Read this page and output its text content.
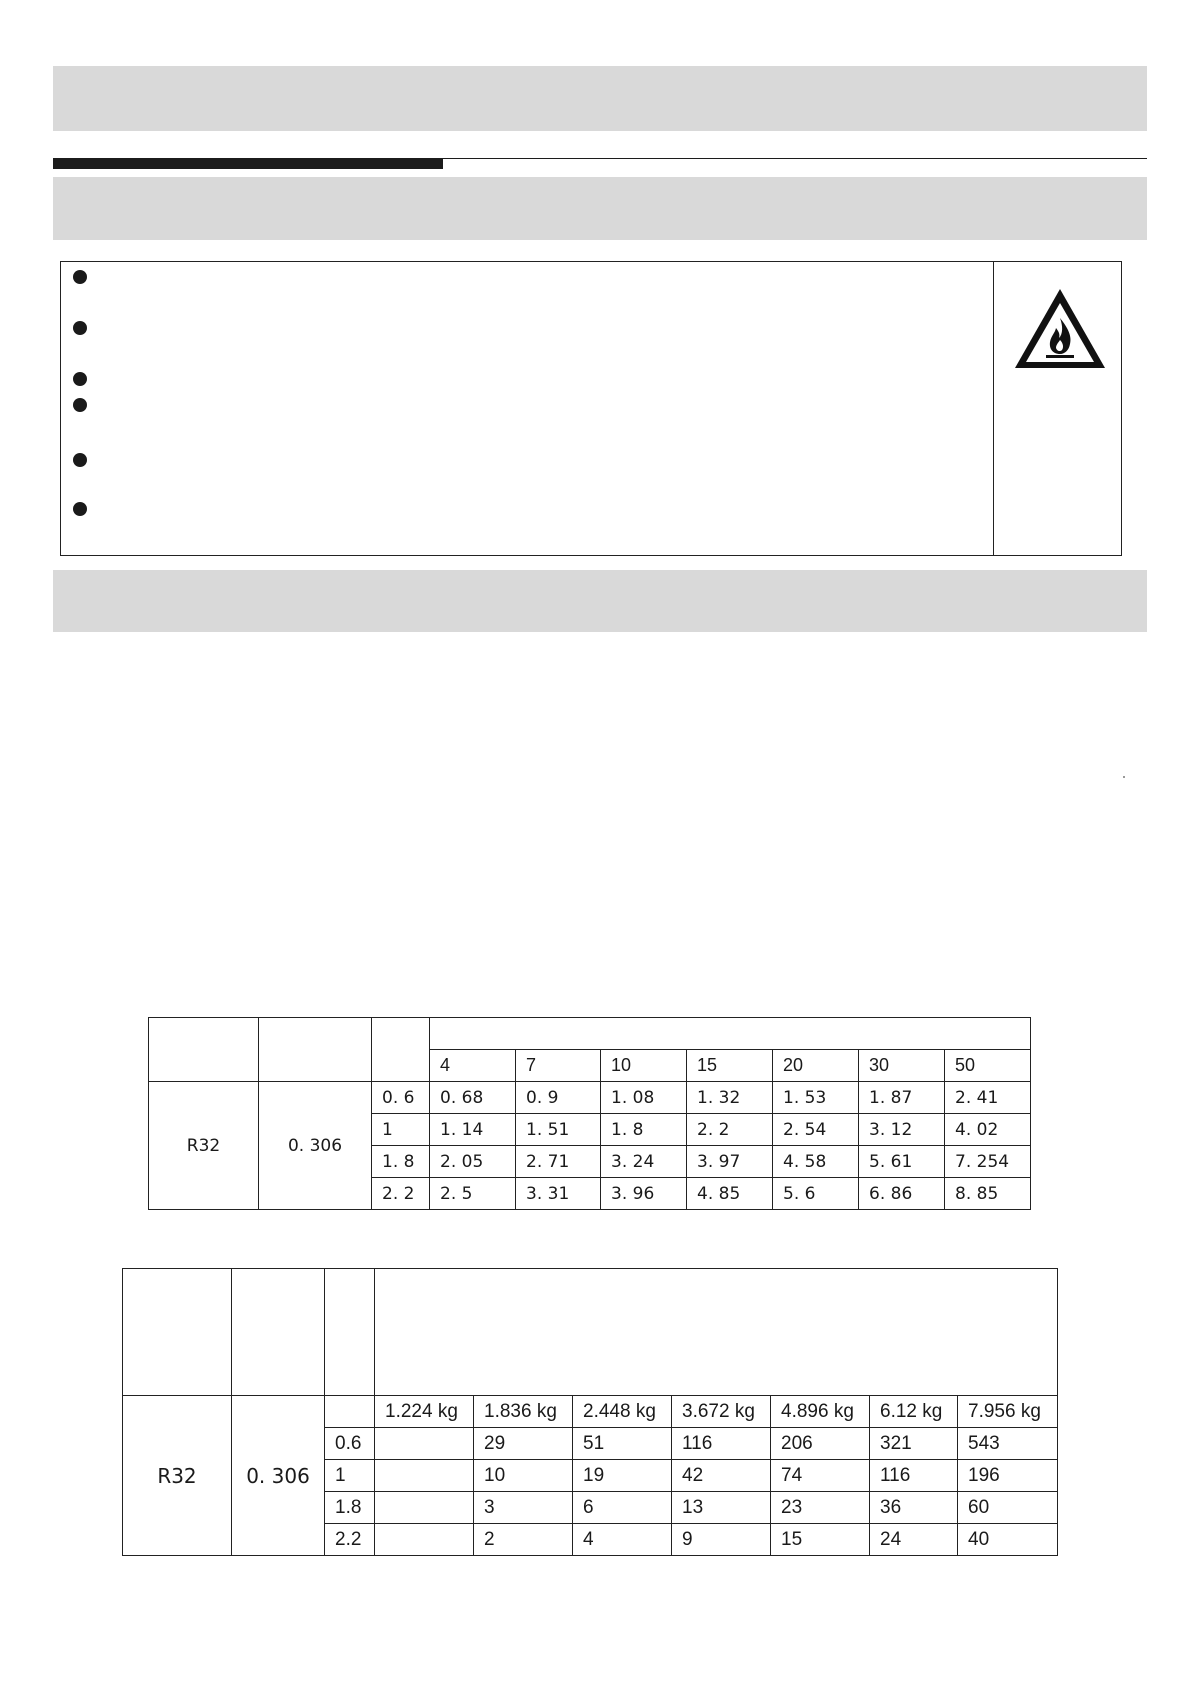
			4	7	10	15	20	30	50
R32	0. 306	0. 6	0. 68	0. 9	1. 08	1. 32	1. 53	1. 87	2. 41
		1	1. 14	1. 51	1. 8	2. 2	2. 54	3. 12	4. 02
		1. 8	2. 05	2. 71	3. 24	3. 97	4. 58	5. 61	7. 254
		2. 2	2. 5	3. 31	3. 96	4. 85	5. 6	6. 86	8. 85

R32	0. 306		1.224 kg	1.836 kg	2.448 kg	3.672 kg	4.896 kg	6.12 kg	7.956 kg
		0.6		29	51	116	206	321	543
		1		10	19	42	74	116	196
		1.8		3	6	13	23	36	60
		2.2		2	4	9	15	24	40
